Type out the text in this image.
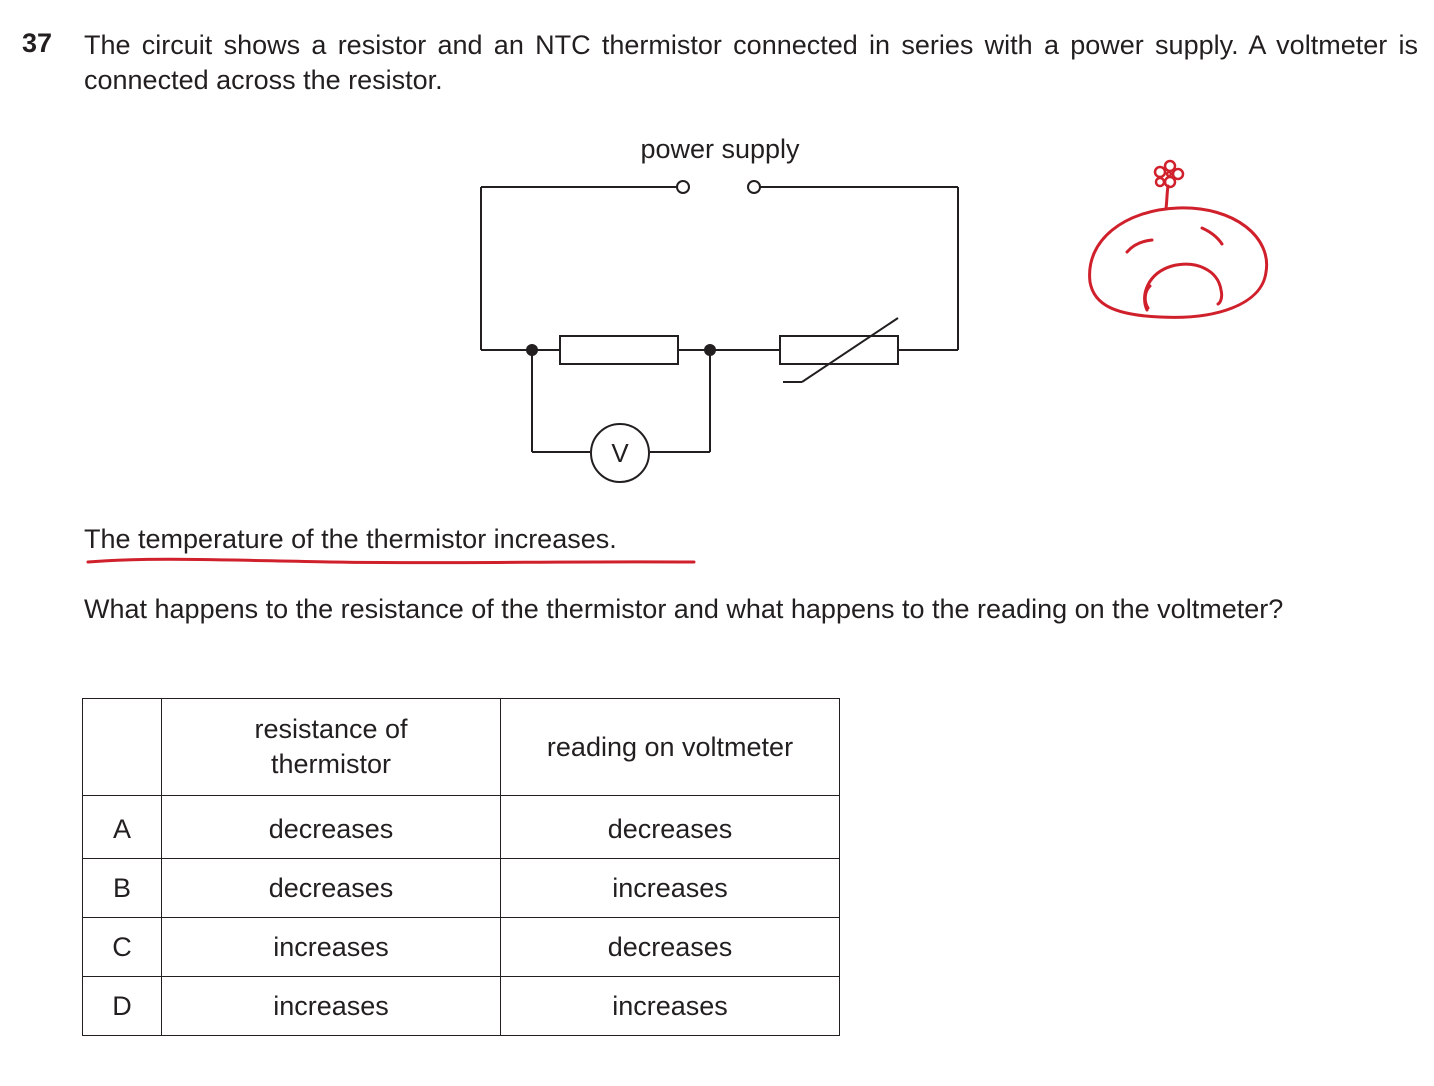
37 The circuit shows a resistor and an NTC thermistor connected in series with a power supply. A voltmeter is connected across the resistor.
power supply
V
The temperature of the thermistor increases.
What happens to the resistance of the thermistor and what happens to the reading on the voltmeter?
	resistance of thermistor	reading on voltmeter
A	decreases	decreases
B	decreases	increases
C	increases	decreases
D	increases	increases
